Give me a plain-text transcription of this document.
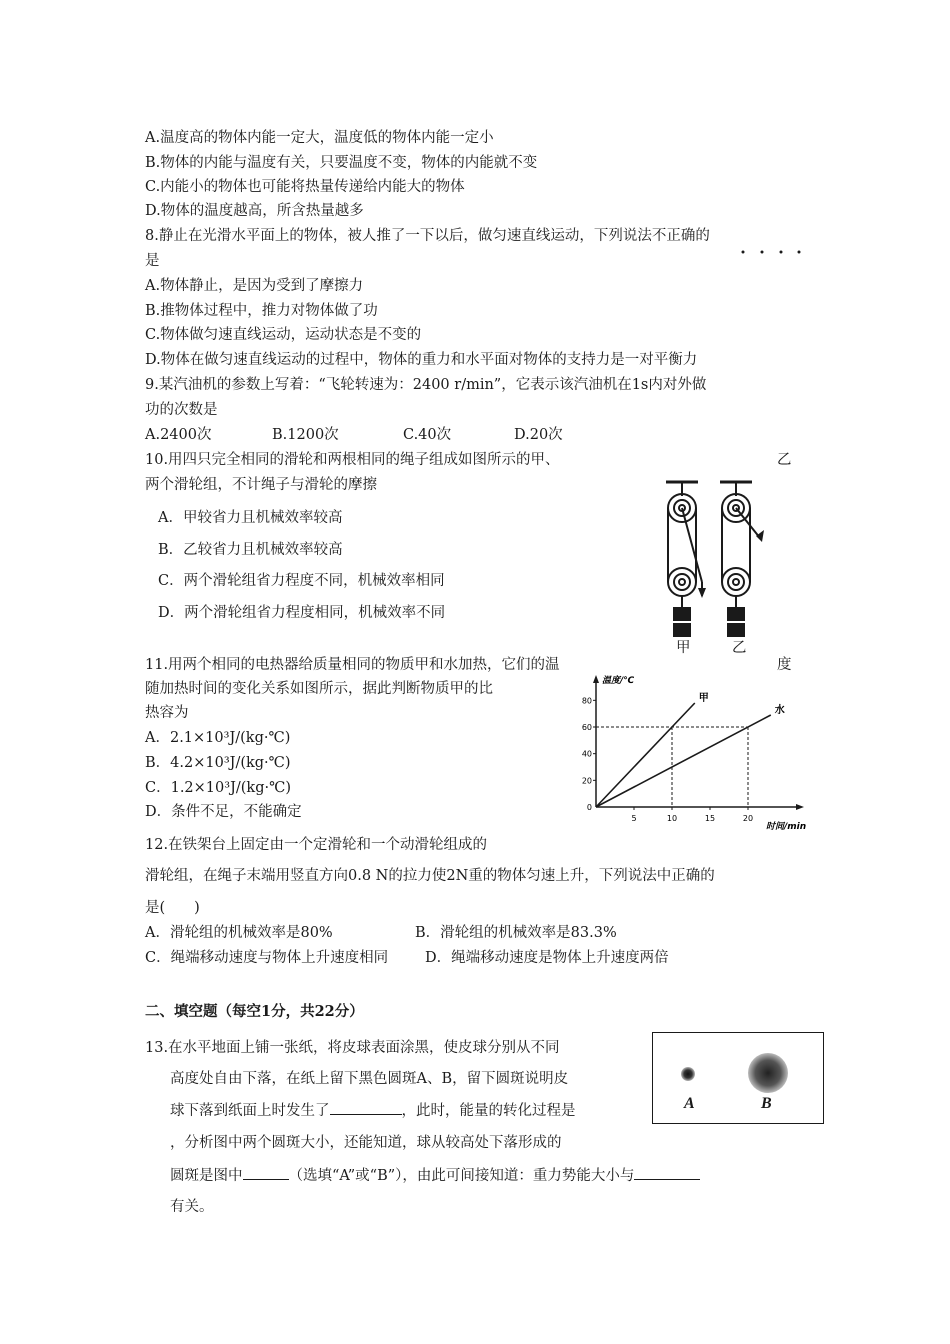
A.温度高的物体内能一定大，温度低的物体内能一定小
B.物体的内能与温度有关，只要温度不变，物体的内能就不变
C.内能小的物体也可能将热量传递给内能大的物体
D.物体的温度越高，所含热量越多
8.静止在光滑水平面上的物体，被人推了一下以后，做匀速直线运动，下列说法不正确的
是
A.物体静止，是因为受到了摩擦力
B.推物体过程中，推力对物体做了功
C.物体做匀速直线运动，运动状态是不变的
D.物体在做匀速直线运动的过程中，物体的重力和水平面对物体的支持力是一对平衡力
9.某汽油机的参数上写着：“飞轮转速为：2400 r/min”，它表示该汽油机在1s内对外做
功的次数是
A.2400次	B.1200次	C.40次	D.20次
10.用四只完全相同的滑轮和两根相同的绳子组成如图所示的甲、	乙
两个滑轮组，不计绳子与滑轮的摩擦
A．甲较省力且机械效率较高
B．乙较省力且机械效率较高
C．两个滑轮组省力程度不同，机械效率相同
D．两个滑轮组省力程度相同，机械效率不同
甲	乙
11.用两个相同的电热器给质量相同的物质甲和水加热，它们的温	度
随加热时间的变化关系如图所示，据此判断物质甲的比
热容为
A．2.1×10³J/(kg·℃)
B．4.2×10³J/(kg·℃)
C．1.2×10³J/(kg·℃)
D．条件不足，不能确定	0
20
40
60
80
5	10	15	20
温度/℃
时间/min
甲
水
12.在铁架台上固定由一个定滑轮和一个动滑轮组成的
滑轮组，在绳子末端用竖直方向0.8 N的拉力使2N重的物体匀速上升，下列说法中正确的
是(　　)
A．滑轮组的机械效率是80%	B．滑轮组的机械效率是83.3%
C．绳端移动速度与物体上升速度相同	D．绳端移动速度是物体上升速度两倍
二、填空题（每空1分，共22分）
13.在水平地面上铺一张纸，将皮球表面涂黑，使皮球分别从不同
高度处自由下落，在纸上留下黑色圆斑A、B，留下圆斑说明皮
球下落到纸面上时发生了	，此时，能量的转化过程是
，分析图中两个圆斑大小，还能知道，球从较高处下落形成的
圆斑是图中	（选填“A”或“B”），由此可间接知道：重力势能大小与
有关。
A	B
